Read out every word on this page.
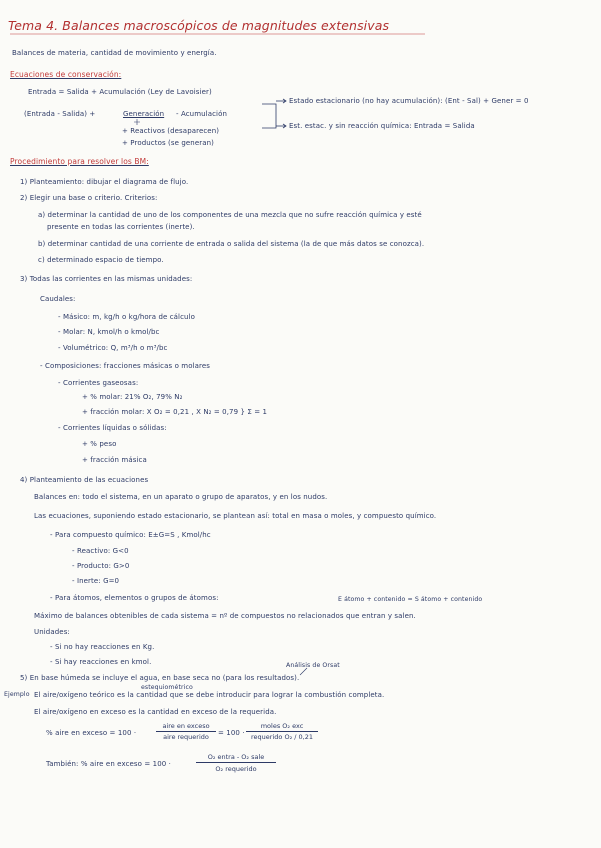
Tema 4. Balances macroscópicos de magnitudes extensivas
Balances de materia, cantidad de movimiento y energía.
Ecuaciones de conservación:
Entrada = Salida + Acumulación (Ley de Lavoisier)
(Entrada - Salida) +	Generación - Acumulación
+ Reactivos (desaparecen)
+ Productos (se generan)
Estado estacionario (no hay acumulación): (Ent - Sal) + Gener = 0
Est. estac. y sin reacción química: Entrada = Salida
Procedimiento para resolver los BM:
1) Planteamiento: dibujar el diagrama de flujo.
2) Elegir una base o criterio. Criterios:
a) determinar la cantidad de uno de los componentes de una mezcla que no sufre reacción química y esté
presente en todas las corrientes (inerte).
b) determinar cantidad de una corriente de entrada o salida del sistema (la de que más datos se conozca).
c) determinado espacio de tiempo.
3) Todas las corrientes en las mismas unidades:
Caudales:
- Másico: m, kg/h o kg/hora de cálculo
- Molar: N, kmol/h o kmol/bc
- Volumétrico: Q, m³/h o m³/bc
- Composiciones: fracciones másicas o molares
- Corrientes gaseosas:
+ % molar: 21% O₂, 79% N₂
+ fracción molar: X O₂ = 0,21 , X N₂ = 0,79 } Σ = 1
- Corrientes líquidas o sólidas:
+ % peso
+ fracción másica
4) Planteamiento de las ecuaciones
Balances en: todo el sistema, en un aparato o grupo de aparatos, y en los nudos.
Las ecuaciones, suponiendo estado estacionario, se plantean así: total en masa o moles, y compuesto químico.
- Para compuesto químico: E±G=S , Kmol/hc
- Reactivo: G<0
- Producto: G>0
- Inerte: G=0
- Para átomos, elementos o grupos de átomos:	E átomo + contenido = S átomo + contenido
Máximo de balances obtenibles de cada sistema = nº de compuestos no relacionados que entran y salen.
Unidades:
- Si no hay reacciones en Kg.
- Si hay reacciones en kmol.	Análisis de Orsat
5) En base húmeda se incluye el agua, en base seca no (para los resultados).
Ejemplo
estequiométrico
El aire/oxígeno teórico es la cantidad que se debe introducir para lograr la combustión completa.
El aire/oxígeno en exceso es la cantidad en exceso de la requerida.
% aire en exceso = 100 ·
aire en exceso
aire requerido	= 100 ·
moles O₂ exc
requerido O₂ / 0,21
También: % aire en exceso = 100 ·
O₂ entra - O₂ sale
O₂ requerido
